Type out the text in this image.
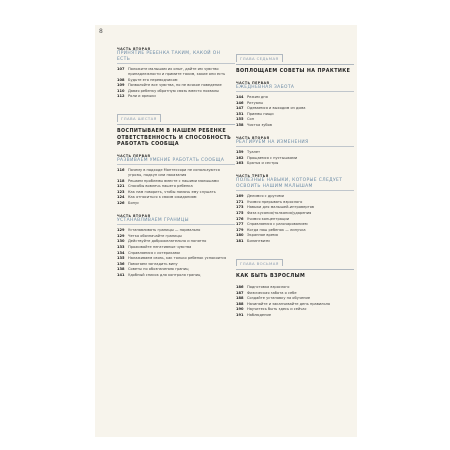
8
ЧАСТЬ ВТОРАЯ
ПРИНЯТИЕ РЕБЕНКА ТАКИМ, КАКОЙ ОН ЕСТЬ
107 Положите малышам их опыт, дайте им чувство принадлежности и примите таким, какие они есть
108 Будьте его переводчиком
109 Позволяйте все чувства, но не всякое поведение
110 Давая ребенку обратную связь вместо похвалы
112 Роли и ярлыки
ГЛАВА ШЕСТАЯ
ВОСПИТЫВАЕМ В НАШЕМ РЕБЕНКЕ ОТВЕТСТВЕННОСТЬ И СПОСОБНОСТЬ РАБОТАТЬ СООБЩА
ЧАСТЬ ПЕРВАЯ
РАЗВИВАЕМ УМЕНИЕ РАБОТАТЬ СООБЩА
116 Почему в подходе Монтессори не используются угрозы, подкуп или наказания
118 Решаем проблемы вместе с нашими малышами
121 Способы вовлечь нашего ребенка
123 Как нам говорить, чтобы помочь ему слушать
124 Как относиться к своим ожиданиям
126 Бонус
ЧАСТЬ ВТОРАЯ
УСТАНАВЛИВАЕМ ГРАНИЦЫ
129 Устанавливать границы — нормально
129 Четко обозначайте границы
130 Действуйте доброжелательно и понятно
133 Проживайте негативные чувства
134 Справляемся с истериками
135 Налаживаем связь, как только ребенок успокоится
136 Помогаем загладить вину
138 Советы по обозначению границ
141 Удобный список для контроля границ
ГЛАВА СЕДЬМАЯ
ВОПЛОЩАЕМ СОВЕТЫ НА ПРАКТИКЕ
ЧАСТЬ ПЕРВАЯ
ЕЖЕДНЕВНАЯ ЗАБОТА
144 Режим дня
146 Ритуалы
147 Одеваемся и выходим из дома
151 Приемы пищи
155 Сон
158 Чистка зубов
ЧАСТЬ ВТОРАЯ
РЕАГИРУЕМ НА ИЗМЕНЕНИЯ
159 Туалет
162 Прощаемся с пустышками
163 Братья и сестры
ЧАСТЬ ТРЕТЬЯ
ПОЛЕЗНЫЕ НАВЫКИ, КОТОРЫЕ СЛЕДУЕТ ОСВОИТЬ НАШИМ МАЛЫШАМ
169 Делимся с другими
171 Учимся прерывать взрослого
173 Навыки для малышей-интровертов
175 Фаза кусания/толкания/ударения
176 Учимся концентрации
177 Справляемся с разочарованием
179 Когда наш ребенок — липучка
180 Экранное время
181 Билингвизм
ГЛАВА ВОСЬМАЯ
КАК БЫТЬ ВЗРОСЛЫМ
186 Подготовка взрослого
187 Физическая забота о себе
188 Создайте установку на обучение
188 Начинайте и заканчивайте день правильно
190 Научитесь быть здесь и сейчас
191 Наблюдение
